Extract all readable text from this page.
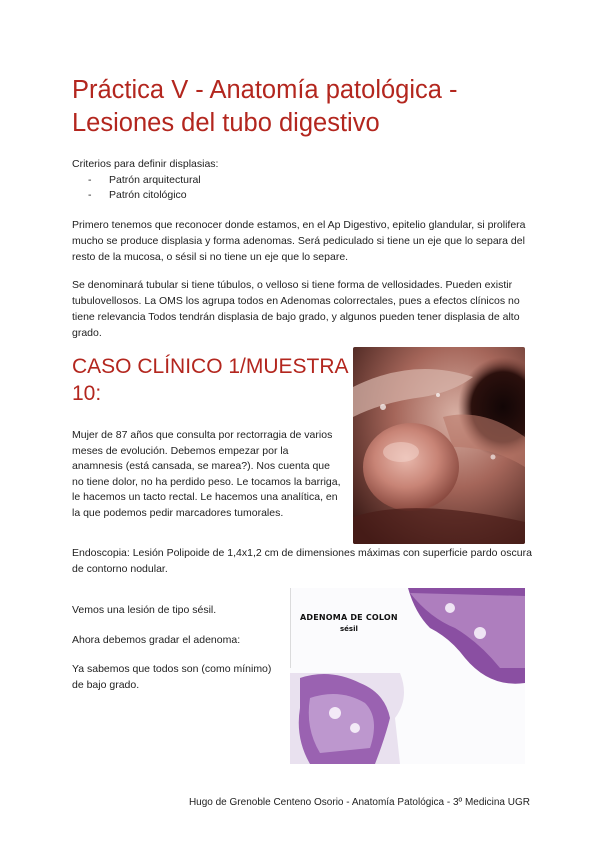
Práctica V - Anatomía patológica - Lesiones del tubo digestivo
Criterios para definir displasias:
- Patrón arquitectural
- Patrón citológico

Primero tenemos que reconocer donde estamos, en el Ap Digestivo, epitelio glandular, si prolifera mucho se produce displasia y forma adenomas. Será pediculado si tiene un eje que lo separa del resto de la mucosa, o sésil si no tiene un eje que lo separe.

Se denominará tubular si tiene túbulos, o velloso si tiene forma de vellosidades. Pueden existir tubulovellosos. La OMS los agrupa todos en Adenomas colorrectales, pues a efectos clínicos no tiene relevancia Todos tendrán displasia de bajo grado, y algunos pueden tener displasia de alto grado.

CASO CLÍNICO 1/MUESTRA 10:

Mujer de 87 años que consulta por rectorragia de varios meses de evolución. Debemos empezar por la anamnesis (está cansada, se marea?). Nos cuenta que no tiene dolor, no ha perdido peso. Le tocamos la barriga, le hacemos un tacto rectal. Le hacemos una analítica, en la que podemos pedir marcadores tumorales.

Endoscopia: Lesión Polipoide de 1,4x1,2 cm de dimensiones máximas con superficie pardo oscura de contorno nodular.

Vemos una lesión de tipo sésil.

Ahora debemos gradar el adenoma:

Ya sabemos que todos son (como mínimo) de bajo grado.

ADENOMA DE COLON
sésil
Hugo de Grenoble Centeno Osorio - Anatomía Patológica - 3º Medicina UGR
